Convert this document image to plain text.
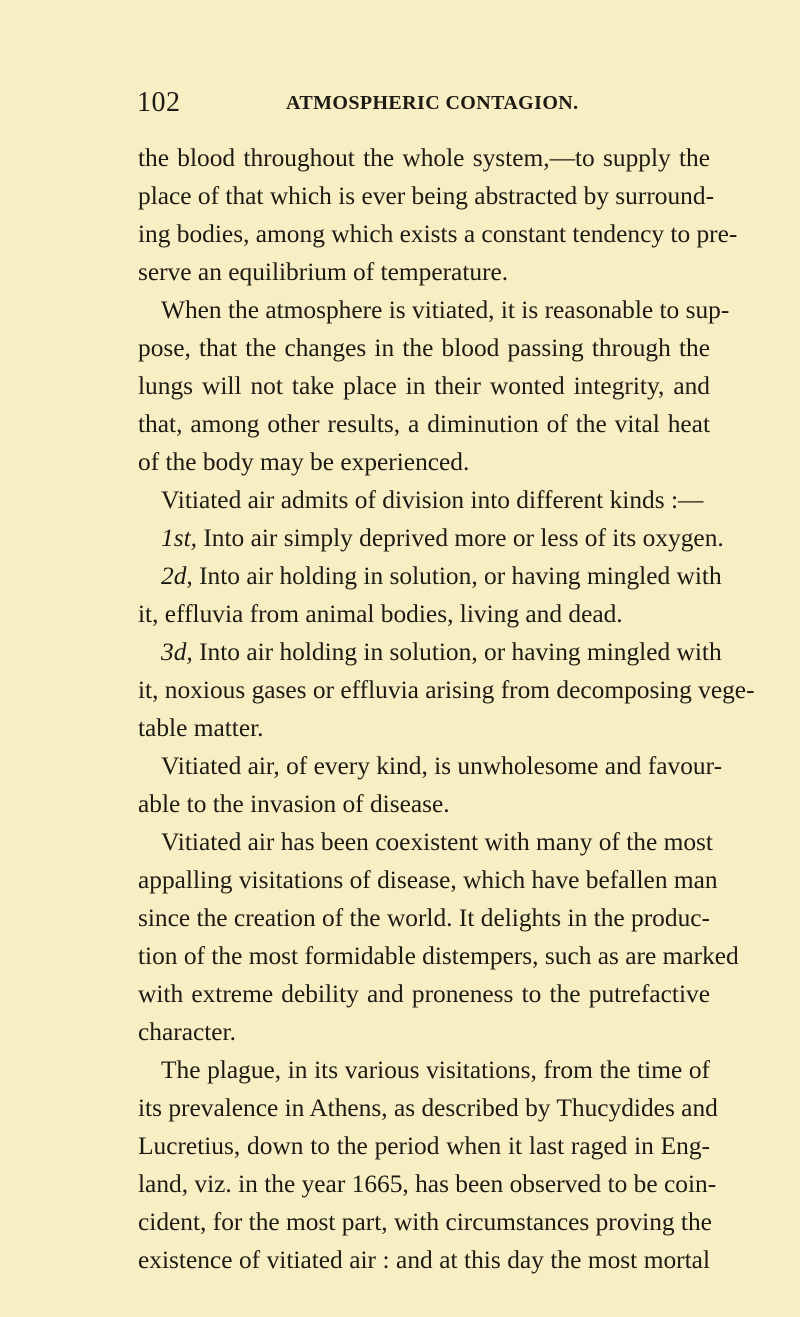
102	ATMOSPHERIC CONTAGION.
the blood throughout the whole system,—to supply the
place of that which is ever being abstracted by surround-
ing bodies, among which exists a constant tendency to pre-
serve an equilibrium of temperature.
When the atmosphere is vitiated, it is reasonable to sup-
pose, that the changes in the blood passing through the
lungs will not take place in their wonted integrity, and
that, among other results, a diminution of the vital heat
of the body may be experienced.
Vitiated air admits of division into different kinds :—
1st, Into air simply deprived more or less of its oxygen.
2d, Into air holding in solution, or having mingled with
it, effluvia from animal bodies, living and dead.
3d, Into air holding in solution, or having mingled with
it, noxious gases or effluvia arising from decomposing vege-
table matter.
Vitiated air, of every kind, is unwholesome and favour-
able to the invasion of disease.
Vitiated air has been coexistent with many of the most
appalling visitations of disease, which have befallen man
since the creation of the world. It delights in the produc-
tion of the most formidable distempers, such as are marked
with extreme debility and proneness to the putrefactive
character.
The plague, in its various visitations, from the time of
its prevalence in Athens, as described by Thucydides and
Lucretius, down to the period when it last raged in Eng-
land, viz. in the year 1665, has been observed to be coin-
cident, for the most part, with circumstances proving the
existence of vitiated air : and at this day the most mortal
